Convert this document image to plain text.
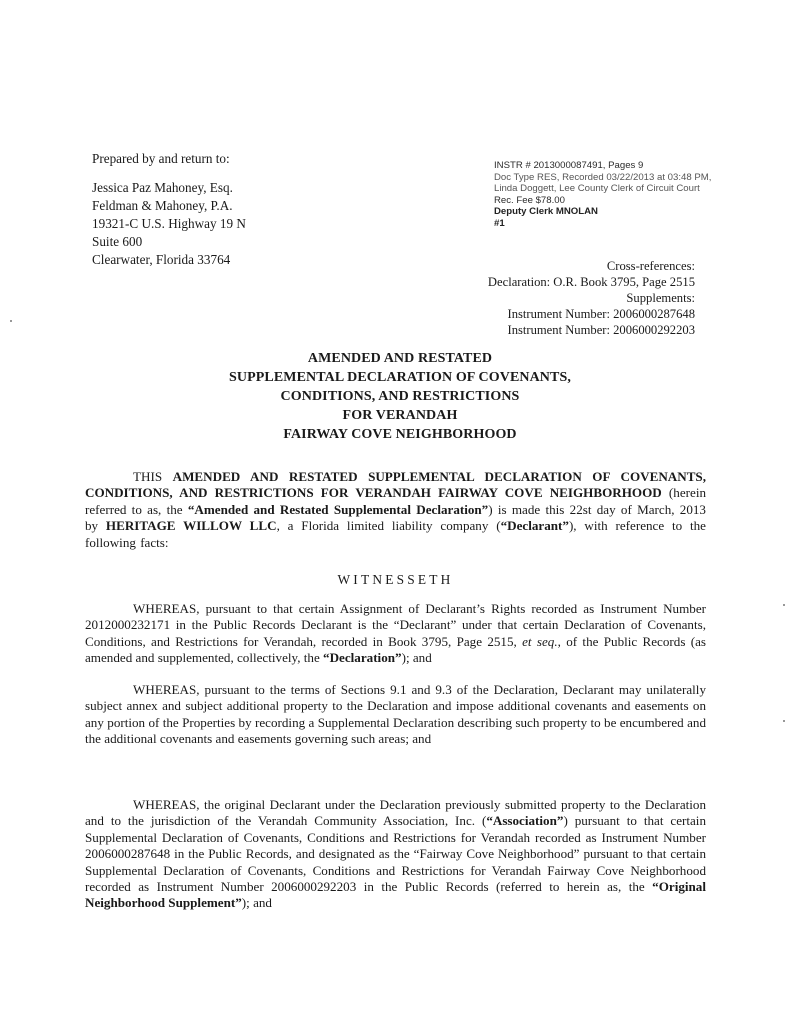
Prepared by and return to:
Jessica Paz Mahoney, Esq.
Feldman & Mahoney, P.A.
19321-C U.S. Highway 19 N
Suite 600
Clearwater, Florida 33764
INSTR # 2013000087491, Pages 9
Doc Type RES, Recorded 03/22/2013 at 03:48 PM,
Linda Doggett, Lee County Clerk of Circuit Court
Rec. Fee $78.00
Deputy Clerk MNOLAN
#1
Cross-references:
Declaration: O.R. Book 3795, Page 2515
Supplements:
Instrument Number: 2006000287648
Instrument Number: 2006000292203
AMENDED AND RESTATED
SUPPLEMENTAL DECLARATION OF COVENANTS,
CONDITIONS, AND RESTRICTIONS
FOR VERANDAH
FAIRWAY COVE NEIGHBORHOOD

THIS AMENDED AND RESTATED SUPPLEMENTAL DECLARATION OF COVENANTS, CONDITIONS, AND RESTRICTIONS FOR VERANDAH FAIRWAY COVE NEIGHBORHOOD (herein referred to as, the “Amended and Restated Supplemental Declaration”) is made this 22st day of March, 2013 by HERITAGE WILLOW LLC, a Florida limited liability company (“Declarant”), with reference to the following facts:

WITNESSETH

WHEREAS, pursuant to that certain Assignment of Declarant’s Rights recorded as Instrument Number 2012000232171 in the Public Records Declarant is the “Declarant” under that certain Declaration of Covenants, Conditions, and Restrictions for Verandah, recorded in Book 3795, Page 2515, et seq., of the Public Records (as amended and supplemented, collectively, the “Declaration”); and

WHEREAS, pursuant to the terms of Sections 9.1 and 9.3 of the Declaration, Declarant may unilaterally subject annex and subject additional property to the Declaration and impose additional covenants and easements on any portion of the Properties by recording a Supplemental Declaration describing such property to be encumbered and the additional covenants and easements governing such areas; and

WHEREAS, the original Declarant under the Declaration previously submitted property to the Declaration and to the jurisdiction of the Verandah Community Association, Inc. (“Association”) pursuant to that certain Supplemental Declaration of Covenants, Conditions and Restrictions for Verandah recorded as Instrument Number 2006000287648 in the Public Records, and designated as the “Fairway Cove Neighborhood” pursuant to that certain Supplemental Declaration of Covenants, Conditions and Restrictions for Verandah Fairway Cove Neighborhood recorded as Instrument Number 2006000292203 in the Public Records (referred to herein as, the “Original Neighborhood Supplement”); and
